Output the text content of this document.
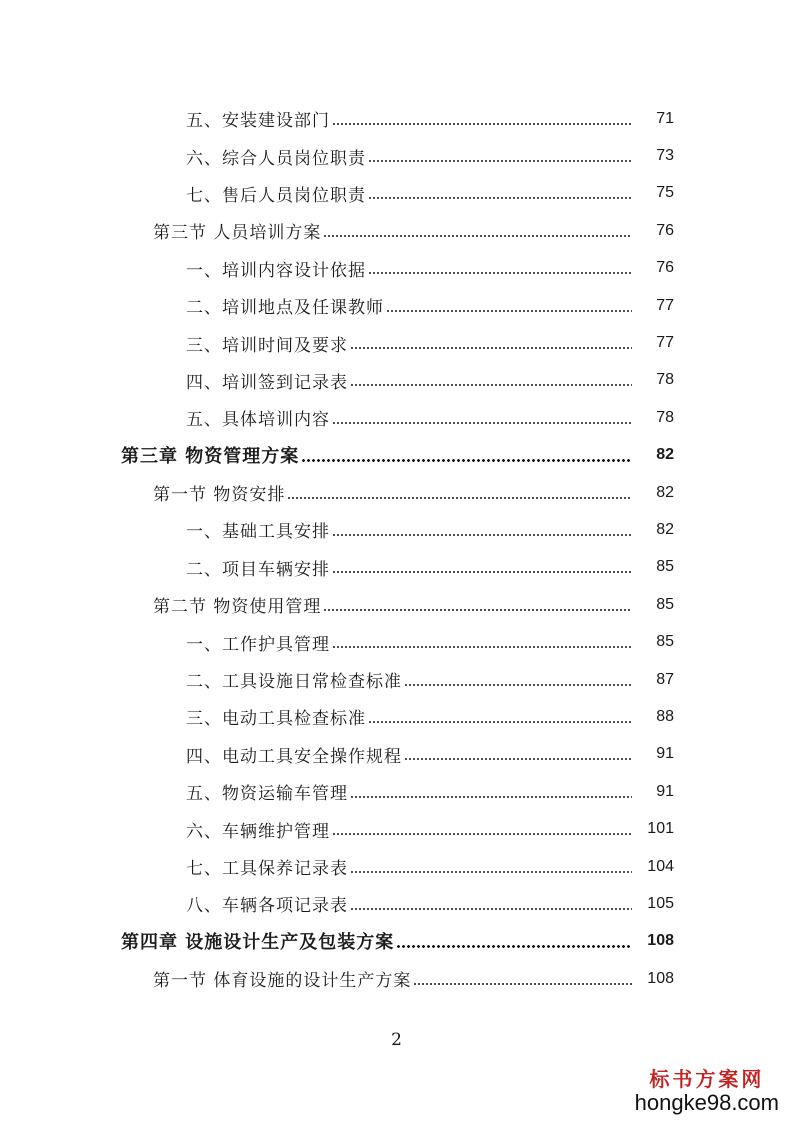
五、安装建设部门	71
六、综合人员岗位职责	73
七、售后人员岗位职责	75
第三节 人员培训方案	76
一、培训内容设计依据	76
二、培训地点及任课教师	77
三、培训时间及要求	77
四、培训签到记录表	78
五、具体培训内容	78
第三章 物资管理方案	82
第一节 物资安排	82
一、基础工具安排	82
二、项目车辆安排	85
第二节 物资使用管理	85
一、工作护具管理	85
二、工具设施日常检查标准	87
三、电动工具检查标准	88
四、电动工具安全操作规程	91
五、物资运输车管理	91
六、车辆维护管理	101
七、工具保养记录表	104
八、车辆各项记录表	105
第四章 设施设计生产及包装方案	108
第一节 体育设施的设计生产方案	108
2
标书方案网
hongke98.com
